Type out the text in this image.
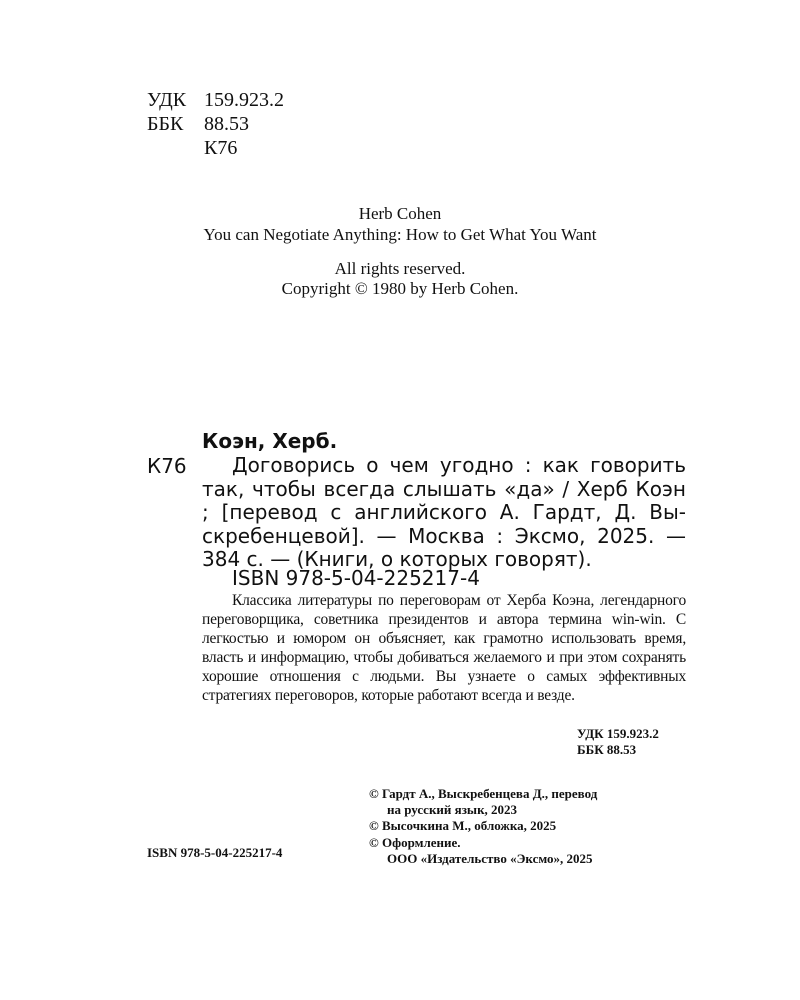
УДК 159.923.2
ББК	88.53
К76
Herb Cohen
You can Negotiate Anything: How to Get What You Want
All rights reserved.
Copyright © 1980 by Herb Cohen.
Коэн, Херб.
К76	Договорись о чем угодно : как говорить так, чтобы всегда слышать «да» / Херб Коэн ; [перевод с английского А. Гардт, Д. Выскребенцевой]. — Москва : Эксмо, 2025. — 384 с. — (Книги, о которых говорят).
ISBN 978-5-04-225217-4
Классика литературы по переговорам от Херба Коэна, легендарного переговорщика, советника президентов и автора термина win-win. С легкостью и юмором он объясняет, как грамотно использовать время, власть и информацию, чтобы добиваться желаемого и при этом сохранять хорошие отношения с людьми. Вы узнаете о самых эффективных стратегиях переговоров, которые работают всегда и везде.
УДК 159.923.2
ББК 88.53
ISBN 978-5-04-225217-4
© Гардт А., Выскребенцева Д., перевод
на русский язык, 2023
© Высочкина М., обложка, 2025
© Оформление.
ООО «Издательство «Эксмо», 2025
